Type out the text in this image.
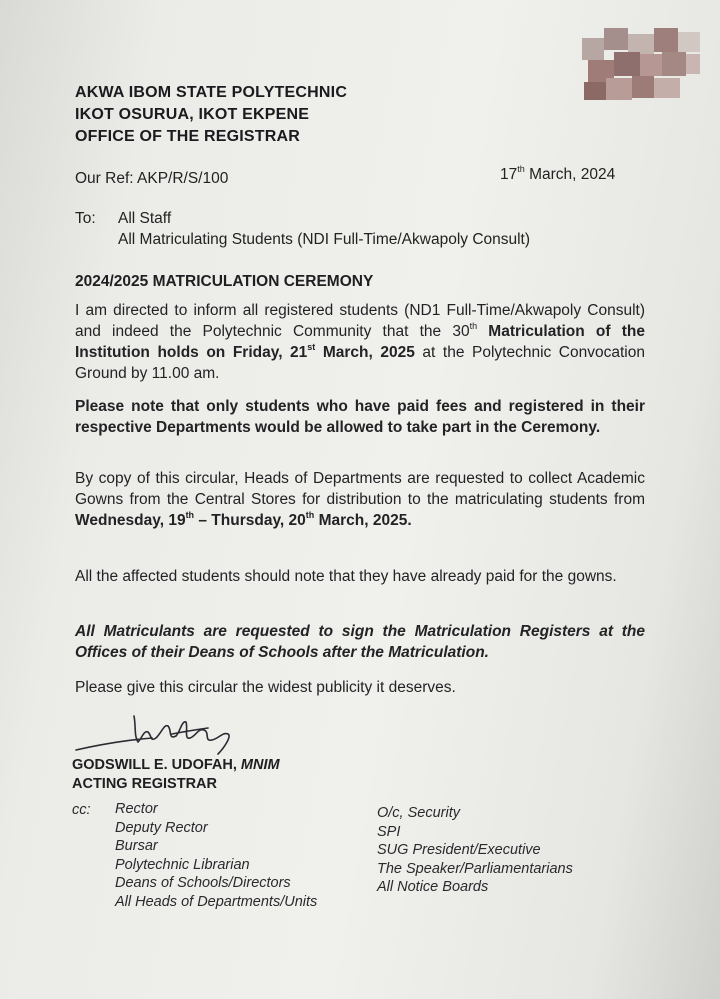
AKWA IBOM STATE POLYTECHNIC
IKOT OSURUA, IKOT EKPENE
OFFICE OF THE REGISTRAR
Our Ref: AKP/R/S/100	17th March, 2024
To: All Staff
All Matriculating Students (NDI Full-Time/Akwapoly Consult)
2024/2025 MATRICULATION CEREMONY
I am directed to inform all registered students (ND1 Full-Time/Akwapoly Consult) and indeed the Polytechnic Community that the 30th Matriculation of the Institution holds on Friday, 21st March, 2025 at the Polytechnic Convocation Ground by 11.00 am.
Please note that only students who have paid fees and registered in their respective Departments would be allowed to take part in the Ceremony.
By copy of this circular, Heads of Departments are requested to collect Academic Gowns from the Central Stores for distribution to the matriculating students from Wednesday, 19th – Thursday, 20th March, 2025.
All the affected students should note that they have already paid for the gowns.
All Matriculants are requested to sign the Matriculation Registers at the Offices of their Deans of Schools after the Matriculation.
Please give this circular the widest publicity it deserves.
GODSWILL E. UDOFAH, MNIM
ACTING REGISTRAR
cc: Rector
Deputy Rector
Bursar
Polytechnic Librarian
Deans of Schools/Directors
All Heads of Departments/Units
O/c, Security
SPI
SUG President/Executive
The Speaker/Parliamentarians
All Notice Boards
